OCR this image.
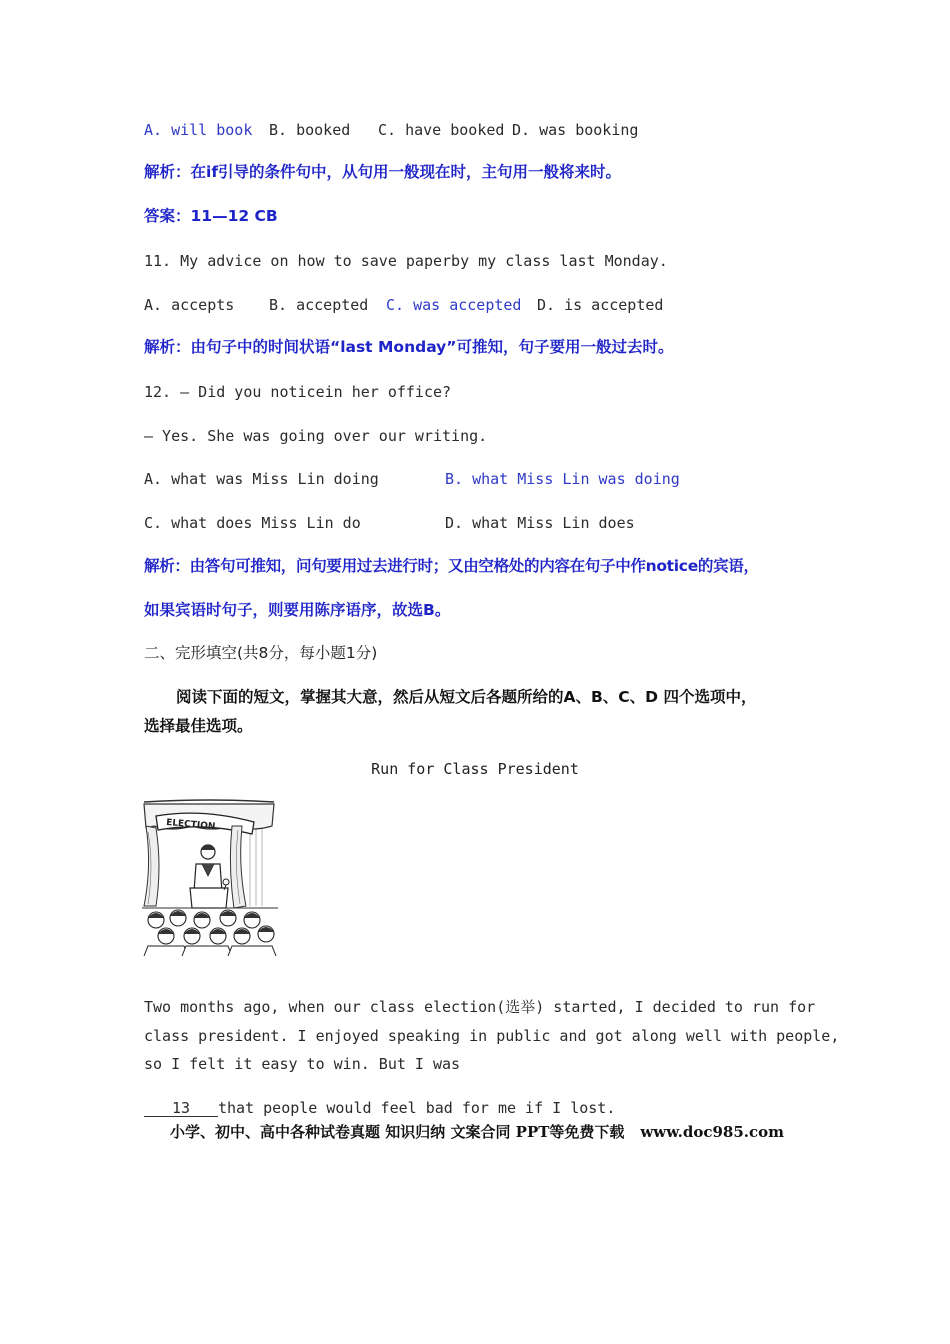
A. will book B. booked C. have booked D. was booking
解析：在if引导的条件句中，从句用一般现在时，主句用一般将来时。
答案：11—12 CB
11. My advice on how to save paperby my class last Monday.
A. accepts B. accepted C. was accepted D. is accepted
解析：由句子中的时间状语“last Monday”可推知，句子要用一般过去时。
12. — Did you noticein her office?
— Yes. She was going over our writing.
A. what was Miss Lin doing	B. what Miss Lin was doing
C. what does Miss Lin do	D. what Miss Lin does
解析：由答句可推知，问句要用过去进行时；又由空格处的内容在句子中作notice的宾语，
如果宾语时句子，则要用陈序语序，故选B。
二、完形填空(共8分，每小题1分)
阅读下面的短文，掌握其大意，然后从短文后各题所给的A、B、C、D 四个选项中，
选择最佳选项。
Run for Class President
ELECTION
Two months ago, when our class election(选举) started, I decided to run for
class president. I enjoyed speaking in public and got along well with people,
so I felt it easy to win. But I was
13 that people would feel bad for me if I lost.
小学、初中、高中各种试卷真题 知识归纳 文案合同 PPT等免费下载 www.doc985.com
